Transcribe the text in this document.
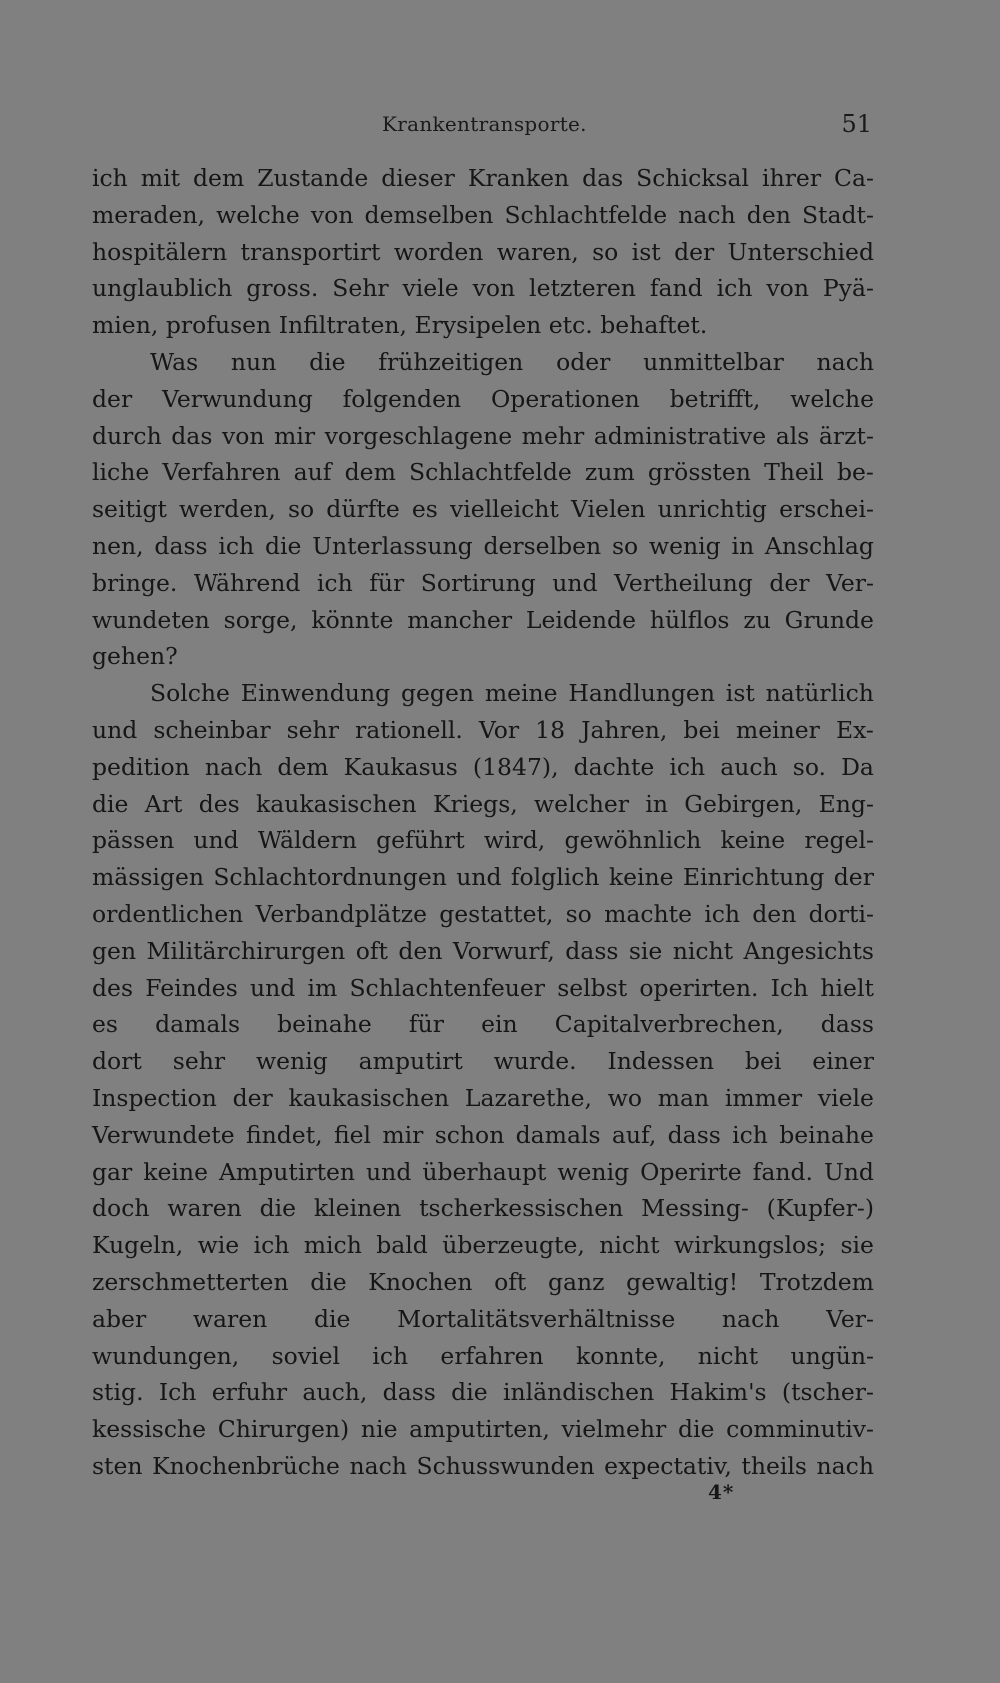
Krankentransporte.	51
ich mit dem Zustande dieser Kranken das Schicksal ihrer Ca-
meraden, welche von demselben Schlachtfelde nach den Stadt-
hospitälern transportirt worden waren, so ist der Unterschied
unglaublich gross. Sehr viele von letzteren fand ich von Pyä-
mien, profusen Infiltraten, Erysipelen etc. behaftet.
Was nun die frühzeitigen oder unmittelbar nach
der Verwundung folgenden Operationen betrifft, welche
durch das von mir vorgeschlagene mehr administrative als ärzt-
liche Verfahren auf dem Schlachtfelde zum grössten Theil be-
seitigt werden, so dürfte es vielleicht Vielen unrichtig erschei-
nen, dass ich die Unterlassung derselben so wenig in Anschlag
bringe. Während ich für Sortirung und Vertheilung der Ver-
wundeten sorge, könnte mancher Leidende hülflos zu Grunde
gehen?
Solche Einwendung gegen meine Handlungen ist natürlich
und scheinbar sehr rationell. Vor 18 Jahren, bei meiner Ex-
pedition nach dem Kaukasus (1847), dachte ich auch so. Da
die Art des kaukasischen Kriegs, welcher in Gebirgen, Eng-
pässen und Wäldern geführt wird, gewöhnlich keine regel-
mässigen Schlachtordnungen und folglich keine Einrichtung der
ordentlichen Verbandplätze gestattet, so machte ich den dorti-
gen Militärchirurgen oft den Vorwurf, dass sie nicht Angesichts
des Feindes und im Schlachtenfeuer selbst operirten. Ich hielt
es damals beinahe für ein Capitalverbrechen, dass
dort sehr wenig amputirt wurde. Indessen bei einer
Inspection der kaukasischen Lazarethe, wo man immer viele
Verwundete findet, fiel mir schon damals auf, dass ich beinahe
gar keine Amputirten und überhaupt wenig Operirte fand. Und
doch waren die kleinen tscherkessischen Messing- (Kupfer-)
Kugeln, wie ich mich bald überzeugte, nicht wirkungslos; sie
zerschmetterten die Knochen oft ganz gewaltig! Trotzdem
aber waren die Mortalitätsverhältnisse nach Ver-
wundungen, soviel ich erfahren konnte, nicht ungün-
stig. Ich erfuhr auch, dass die inländischen Hakim's (tscher-
kessische Chirurgen) nie amputirten, vielmehr die comminutiv-
sten Knochenbrüche nach Schusswunden expectativ, theils nach
4*
